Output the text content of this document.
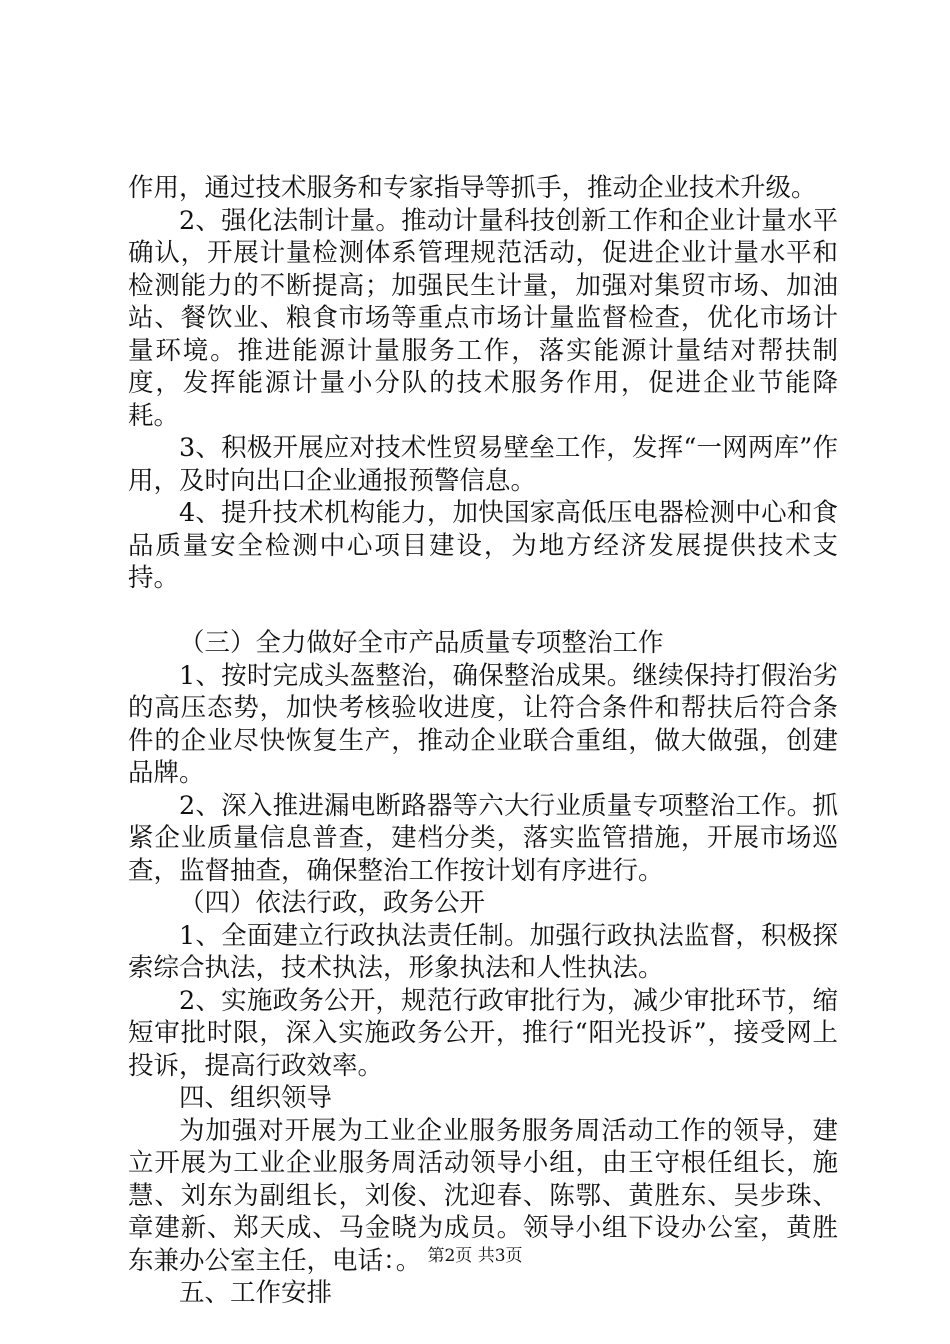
作用，通过技术服务和专家指导等抓手，推动企业技术升级。

2、强化法制计量。推动计量科技创新工作和企业计量水平确认，开展计量检测体系管理规范活动，促进企业计量水平和检测能力的不断提高；加强民生计量，加强对集贸市场、加油站、餐饮业、粮食市场等重点市场计量监督检查，优化市场计量环境。推进能源计量服务工作，落实能源计量结对帮扶制度，发挥能源计量小分队的技术服务作用，促进企业节能降耗。

3、积极开展应对技术性贸易壁垒工作，发挥“一网两库”作用，及时向出口企业通报预警信息。

4、提升技术机构能力，加快国家高低压电器检测中心和食品质量安全检测中心项目建设，为地方经济发展提供技术支持。

（三）全力做好全市产品质量专项整治工作

1、按时完成头盔整治，确保整治成果。继续保持打假治劣的高压态势，加快考核验收进度，让符合条件和帮扶后符合条件的企业尽快恢复生产，推动企业联合重组，做大做强，创建品牌。

2、深入推进漏电断路器等六大行业质量专项整治工作。抓紧企业质量信息普查，建档分类，落实监管措施，开展市场巡查，监督抽查，确保整治工作按计划有序进行。

（四）依法行政，政务公开

1、全面建立行政执法责任制。加强行政执法监督，积极探索综合执法，技术执法，形象执法和人性执法。

2、实施政务公开，规范行政审批行为，减少审批环节，缩短审批时限，深入实施政务公开，推行“阳光投诉”，接受网上投诉，提高行政效率。

四、组织领导

为加强对开展为工业企业服务服务周活动工作的领导，建立开展为工业企业服务周活动领导小组，由王守根任组长，施慧、刘东为副组长，刘俊、沈迎春、陈鄂、黄胜东、吴步珠、章建新、郑天成、马金晓为成员。领导小组下设办公室，黄胜东兼办公室主任，电话：。

五、工作安排

第2页 共3页
